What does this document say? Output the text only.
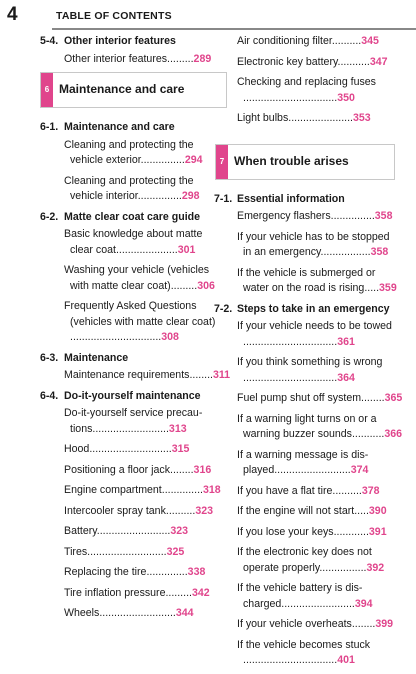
4	TABLE OF CONTENTS
5-4. Other interior features
Other interior features.........289
6 Maintenance and care
6-1. Maintenance and care
Cleaning and protecting the
vehicle exterior...............294
Cleaning and protecting the
vehicle interior...............298
6-2. Matte clear coat care guide
Basic knowledge about matte
clear coat.....................301
Washing your vehicle (vehicles
with matte clear coat).........306
Frequently Asked Questions
(vehicles with matte clear coat)
...............................308
6-3. Maintenance
Maintenance requirements........311
6-4. Do-it-yourself maintenance
Do-it-yourself service precau-
tions..........................313
Hood............................315
Positioning a floor jack........316
Engine compartment..............318
Intercooler spray tank..........323
Battery.........................323
Tires...........................325
Replacing the tire..............338
Tire inflation pressure.........342
Wheels..........................344
Air conditioning filter..........345
Electronic key battery...........347
Checking and replacing fuses
................................350
Light bulbs......................353
7 When trouble arises
7-1. Essential information
Emergency flashers...............358
If your vehicle has to be stopped
in an emergency.................358
If the vehicle is submerged or
water on the road is rising.....359
7-2. Steps to take in an emergency
If your vehicle needs to be towed
................................361
If you think something is wrong
................................364
Fuel pump shut off system........365
If a warning light turns on or a
warning buzzer sounds...........366
If a warning message is dis-
played..........................374
If you have a flat tire..........378
If the engine will not start.....390
If you lose your keys............391
If the electronic key does not
operate properly................392
If the vehicle battery is dis-
charged.........................394
If your vehicle overheats........399
If the vehicle becomes stuck
................................401
